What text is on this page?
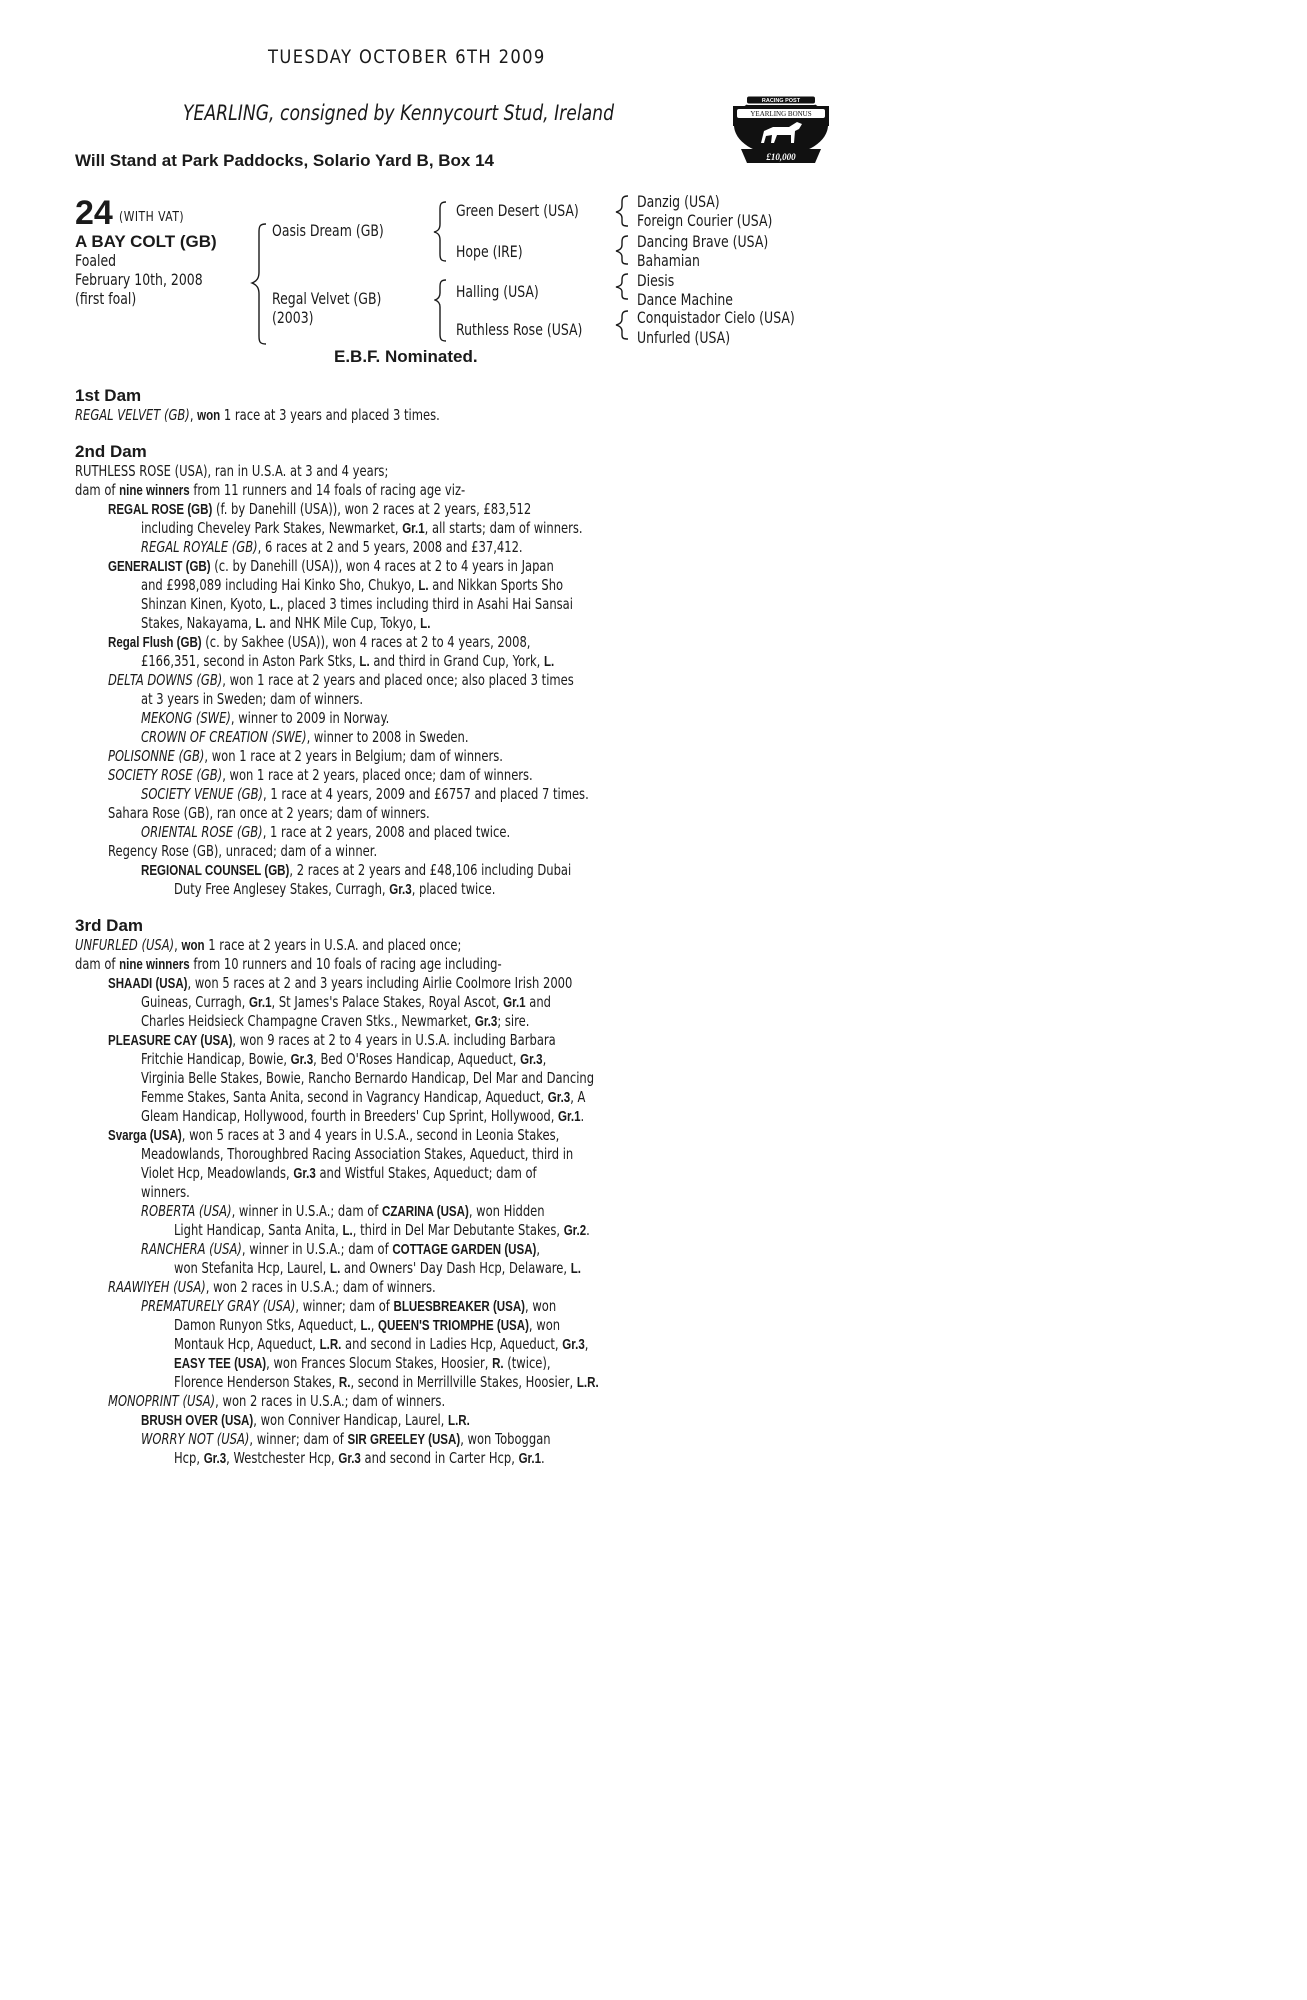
TUESDAY OCTOBER 6TH 2009
YEARLING, consigned by Kennycourt Stud, Ireland
Will Stand at Park Paddocks, Solario Yard B, Box 14
RACING POST
YEARLING BONUS
£10,000
24 (WITH VAT)
A BAY COLT (GB)
Foaled
February 10th, 2008
(first foal)
Oasis Dream (GB)
Regal Velvet (GB)
(2003)
Green Desert (USA)
Hope (IRE)
Halling (USA)
Ruthless Rose (USA)
Danzig (USA)
Foreign Courier (USA)
Dancing Brave (USA)
Bahamian
Diesis
Dance Machine
Conquistador Cielo (USA)
Unfurled (USA)
E.B.F. Nominated.
1st Dam
2nd Dam
3rd Dam
REGAL VELVET (GB), won 1 race at 3 years and placed 3 times.
RUTHLESS ROSE (USA), ran in U.S.A. at 3 and 4 years;
dam of nine winners from 11 runners and 14 foals of racing age viz-
REGAL ROSE (GB) (f. by Danehill (USA)), won 2 races at 2 years, £83,512
including Cheveley Park Stakes, Newmarket, Gr.1, all starts; dam of winners.
REGAL ROYALE (GB), 6 races at 2 and 5 years, 2008 and £37,412.
GENERALIST (GB) (c. by Danehill (USA)), won 4 races at 2 to 4 years in Japan
and £998,089 including Hai Kinko Sho, Chukyo, L. and Nikkan Sports Sho
Shinzan Kinen, Kyoto, L., placed 3 times including third in Asahi Hai Sansai
Stakes, Nakayama, L. and NHK Mile Cup, Tokyo, L.
Regal Flush (GB) (c. by Sakhee (USA)), won 4 races at 2 to 4 years, 2008,
£166,351, second in Aston Park Stks, L. and third in Grand Cup, York, L.
DELTA DOWNS (GB), won 1 race at 2 years and placed once; also placed 3 times
at 3 years in Sweden; dam of winners.
MEKONG (SWE), winner to 2009 in Norway.
CROWN OF CREATION (SWE), winner to 2008 in Sweden.
POLISONNE (GB), won 1 race at 2 years in Belgium; dam of winners.
SOCIETY ROSE (GB), won 1 race at 2 years, placed once; dam of winners.
SOCIETY VENUE (GB), 1 race at 4 years, 2009 and £6757 and placed 7 times.
Sahara Rose (GB), ran once at 2 years; dam of winners.
ORIENTAL ROSE (GB), 1 race at 2 years, 2008 and placed twice.
Regency Rose (GB), unraced; dam of a winner.
REGIONAL COUNSEL (GB), 2 races at 2 years and £48,106 including Dubai
Duty Free Anglesey Stakes, Curragh, Gr.3, placed twice.
UNFURLED (USA), won 1 race at 2 years in U.S.A. and placed once;
dam of nine winners from 10 runners and 10 foals of racing age including-
SHAADI (USA), won 5 races at 2 and 3 years including Airlie Coolmore Irish 2000
Guineas, Curragh, Gr.1, St James's Palace Stakes, Royal Ascot, Gr.1 and
Charles Heidsieck Champagne Craven Stks., Newmarket, Gr.3; sire.
PLEASURE CAY (USA), won 9 races at 2 to 4 years in U.S.A. including Barbara
Fritchie Handicap, Bowie, Gr.3, Bed O'Roses Handicap, Aqueduct, Gr.3,
Virginia Belle Stakes, Bowie, Rancho Bernardo Handicap, Del Mar and Dancing
Femme Stakes, Santa Anita, second in Vagrancy Handicap, Aqueduct, Gr.3, A
Gleam Handicap, Hollywood, fourth in Breeders' Cup Sprint, Hollywood, Gr.1.
Svarga (USA), won 5 races at 3 and 4 years in U.S.A., second in Leonia Stakes,
Meadowlands, Thoroughbred Racing Association Stakes, Aqueduct, third in
Violet Hcp, Meadowlands, Gr.3 and Wistful Stakes, Aqueduct; dam of
winners.
ROBERTA (USA), winner in U.S.A.; dam of CZARINA (USA), won Hidden
Light Handicap, Santa Anita, L., third in Del Mar Debutante Stakes, Gr.2.
RANCHERA (USA), winner in U.S.A.; dam of COTTAGE GARDEN (USA),
won Stefanita Hcp, Laurel, L. and Owners' Day Dash Hcp, Delaware, L.
RAAWIYEH (USA), won 2 races in U.S.A.; dam of winners.
PREMATURELY GRAY (USA), winner; dam of BLUESBREAKER (USA), won
Damon Runyon Stks, Aqueduct, L., QUEEN'S TRIOMPHE (USA), won
Montauk Hcp, Aqueduct, L.R. and second in Ladies Hcp, Aqueduct, Gr.3,
EASY TEE (USA), won Frances Slocum Stakes, Hoosier, R. (twice),
Florence Henderson Stakes, R., second in Merrillville Stakes, Hoosier, L.R.
MONOPRINT (USA), won 2 races in U.S.A.; dam of winners.
BRUSH OVER (USA), won Conniver Handicap, Laurel, L.R.
WORRY NOT (USA), winner; dam of SIR GREELEY (USA), won Toboggan
Hcp, Gr.3, Westchester Hcp, Gr.3 and second in Carter Hcp, Gr.1.
